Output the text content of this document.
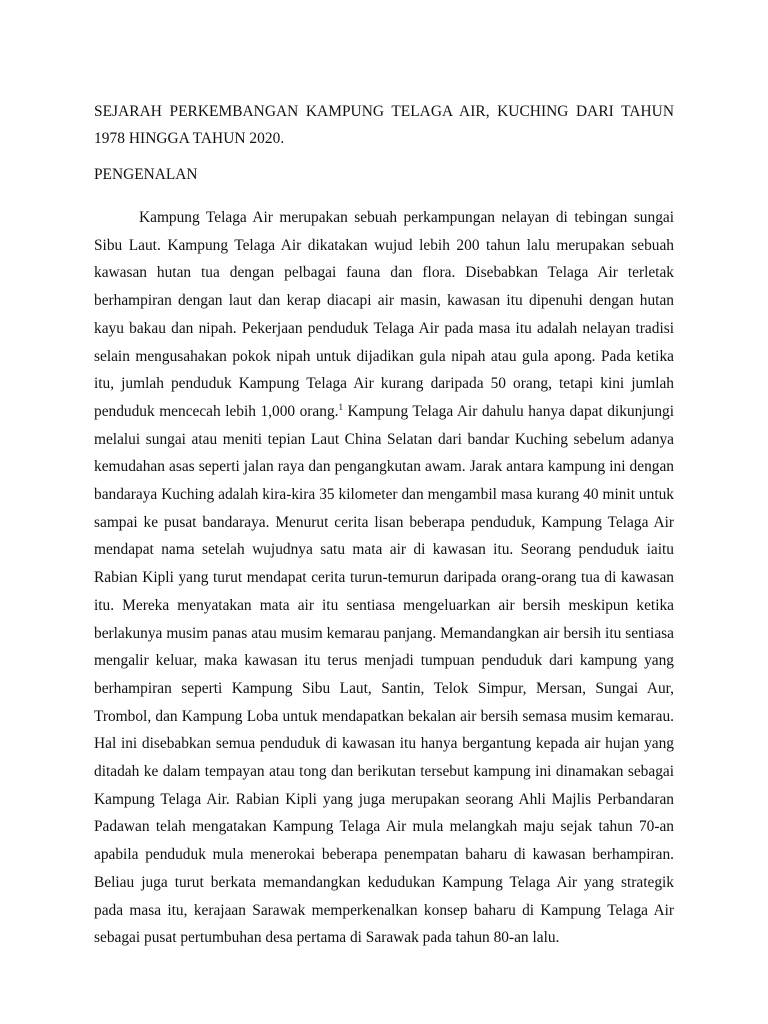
SEJARAH PERKEMBANGAN KAMPUNG TELAGA AIR, KUCHING DARI TAHUN 1978 HINGGA TAHUN 2020.

PENGENALAN

Kampung Telaga Air merupakan sebuah perkampungan nelayan di tebingan sungai Sibu Laut. Kampung Telaga Air dikatakan wujud lebih 200 tahun lalu merupakan sebuah kawasan hutan tua dengan pelbagai fauna dan flora. Disebabkan Telaga Air terletak berhampiran dengan laut dan kerap diacapi air masin, kawasan itu dipenuhi dengan hutan kayu bakau dan nipah. Pekerjaan penduduk Telaga Air pada masa itu adalah nelayan tradisi selain mengusahakan pokok nipah untuk dijadikan gula nipah atau gula apong. Pada ketika itu, jumlah penduduk Kampung Telaga Air kurang daripada 50 orang, tetapi kini jumlah penduduk mencecah lebih 1,000 orang.$^1$ Kampung Telaga Air dahulu hanya dapat dikunjungi melalui sungai atau meniti tepian Laut China Selatan dari bandar Kuching sebelum adanya kemudahan asas seperti jalan raya dan pengangkutan awam. Jarak antara kampung ini dengan bandaraya Kuching adalah kira-kira 35 kilometer dan mengambil masa kurang 40 minit untuk sampai ke pusat bandaraya. Menurut cerita lisan beberapa penduduk, Kampung Telaga Air mendapat nama setelah wujudnya satu mata air di kawasan itu. Seorang penduduk iaitu Rabian Kipli yang turut mendapat cerita turun-temurun daripada orang-orang tua di kawasan itu. Mereka menyatakan mata air itu sentiasa mengeluarkan air bersih meskipun ketika berlakunya musim panas atau musim kemarau panjang. Memandangkan air bersih itu sentiasa mengalir keluar, maka kawasan itu terus menjadi tumpuan penduduk dari kampung yang berhampiran seperti Kampung Sibu Laut, Santin, Telok Simpur, Mersan, Sungai Aur, Trombol, dan Kampung Loba untuk mendapatkan bekalan air bersih semasa musim kemarau. Hal ini disebabkan semua penduduk di kawasan itu hanya bergantung kepada air hujan yang ditadah ke dalam tempayan atau tong dan berikutan tersebut kampung ini dinamakan sebagai Kampung Telaga Air. Rabian Kipli yang juga merupakan seorang Ahli Majlis Perbandaran Padawan telah mengatakan Kampung Telaga Air mula melangkah maju sejak tahun 70-an apabila penduduk mula menerokai beberapa penempatan baharu di kawasan berhampiran. Beliau juga turut berkata memandangkan kedudukan Kampung Telaga Air yang strategik pada masa itu, kerajaan Sarawak memperkenalkan konsep baharu di Kampung Telaga Air sebagai pusat pertumbuhan desa pertama di Sarawak pada tahun 80-an lalu.
